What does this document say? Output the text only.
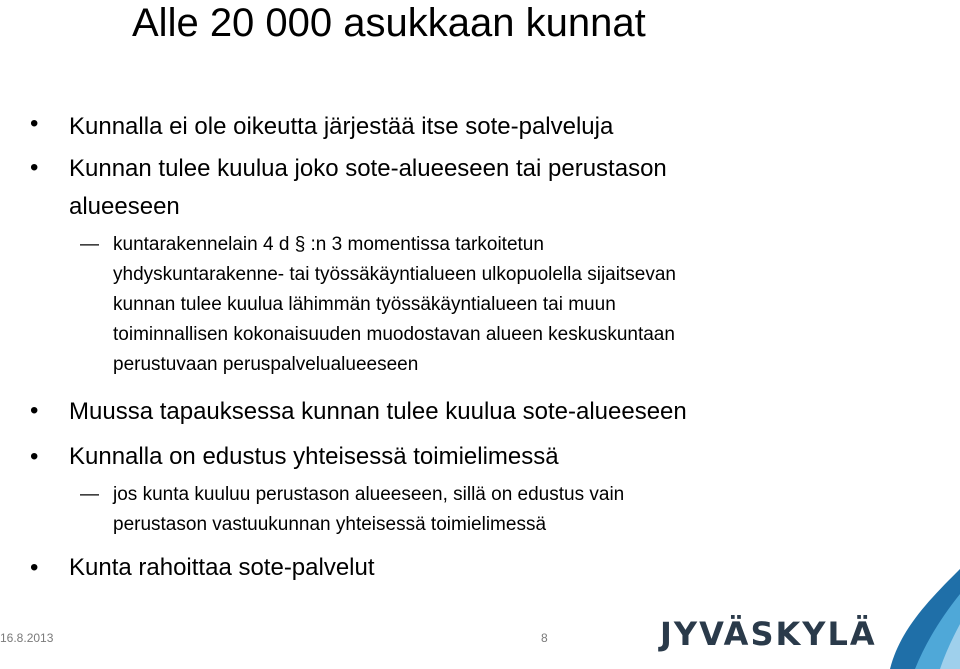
Alle 20 000 asukkaan kunnat
• Kunnalla ei ole oikeutta järjestää itse sote-palveluja

• Kunnan tulee kuulua joko sote-alueeseen tai perustason

alueeseen

— kuntarakennelain 4 d § :n 3 momentissa tarkoitetun

yhdyskuntarakenne- tai työssäkäyntialueen ulkopuolella sijaitsevan

kunnan tulee kuulua lähimmän työssäkäyntialueen tai muun

toiminnallisen kokonaisuuden muodostavan alueen keskuskuntaan

perustuvaan peruspalvelualueeseen

• Muussa tapauksessa kunnan tulee kuulua sote-alueeseen

• Kunnalla on edustus yhteisessä toimielimessä

— jos kunta kuuluu perustason alueeseen, sillä on edustus vain

perustason vastuukunnan yhteisessä toimielimessä

• Kunta rahoittaa sote-palvelut

16.8.2013	8	JYVÄSKYLÄ
